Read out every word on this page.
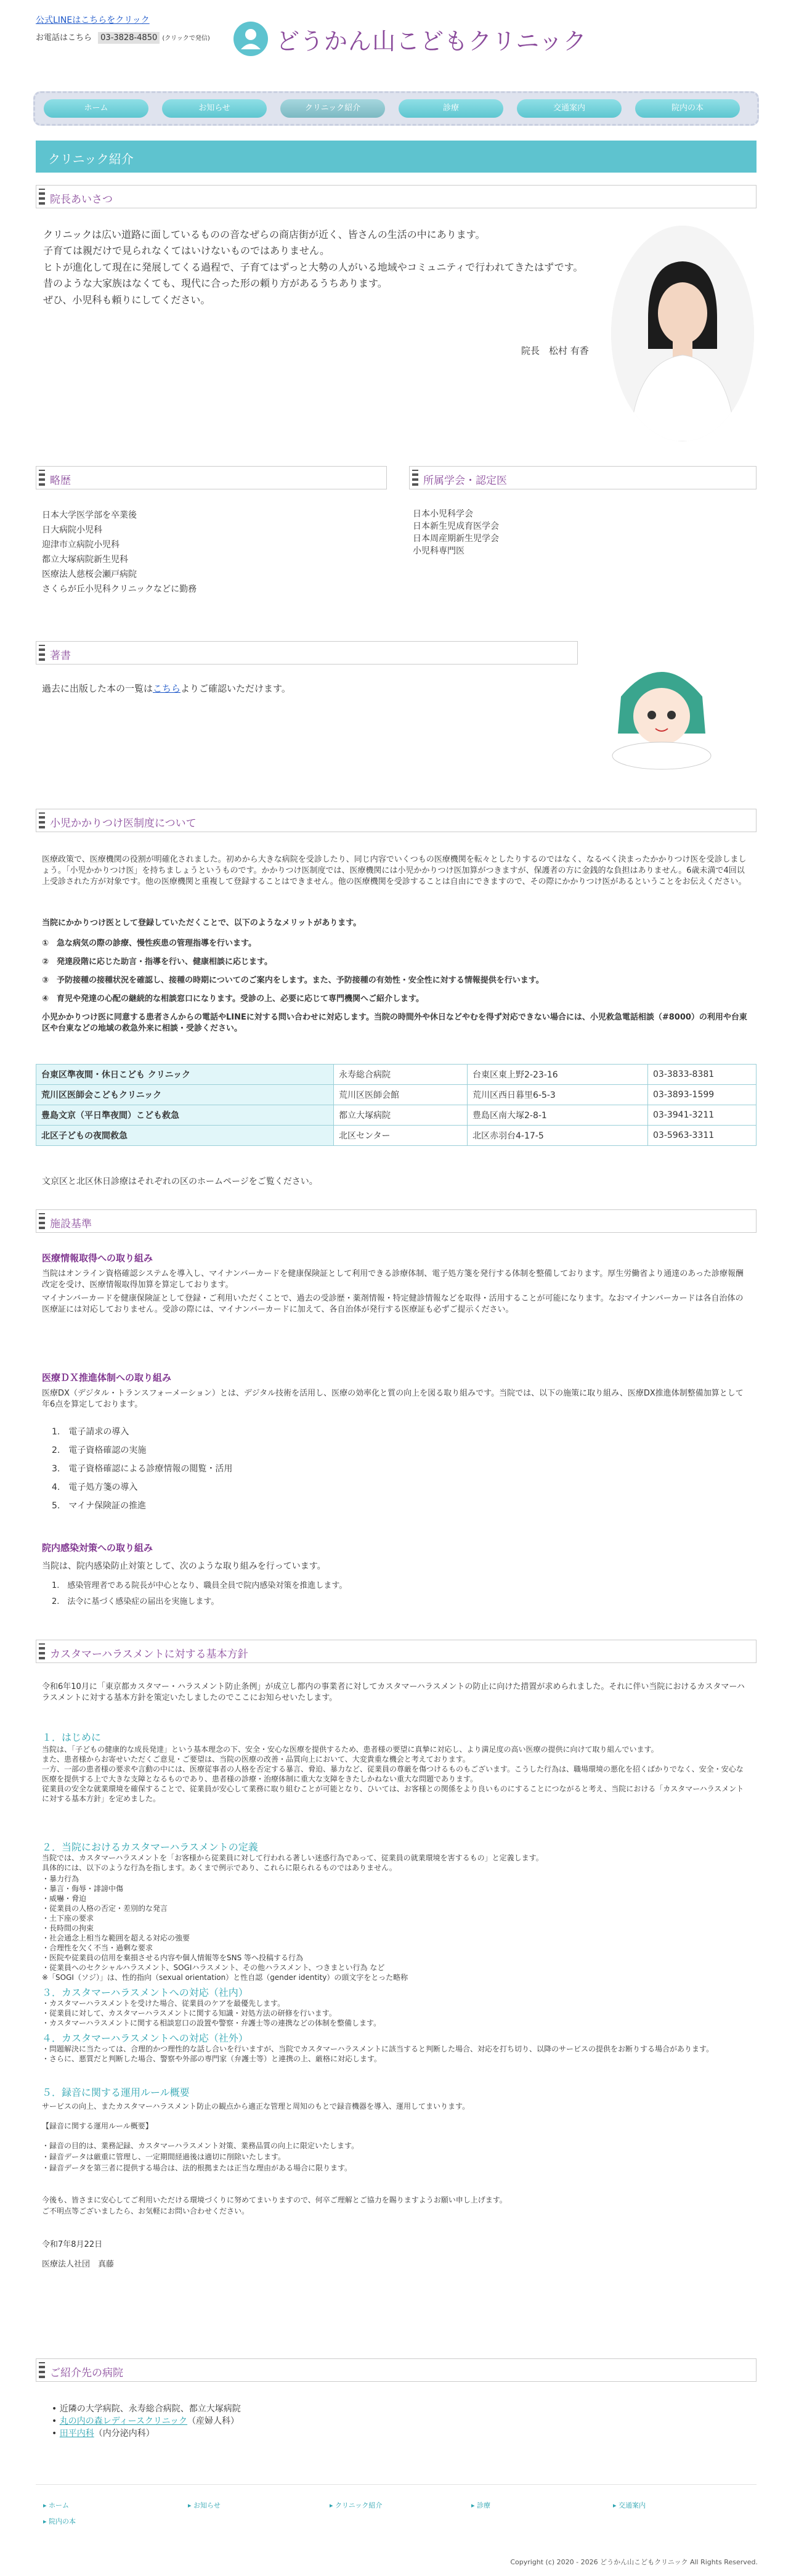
公式LINEはこちらをクリック
お電話はこちら 03-3828-4850 (クリックで発信)	どうかん山こどもクリニック
ホーム	お知らせ	クリニック紹介	診療	交通案内	院内の本
クリニック紹介
院長あいさつ
クリニックは広い道路に面しているものの音なぜらの商店街が近く、皆さんの生活の中にあります。
子育ては親だけで見られなくてはいけないものではありません。
ヒトが進化して現在に発展してくる過程で、子育てはずっと大勢の人がいる地域やコミュニティで行われてきたはずです。
昔のような大家族はなくても、現代に合った形の頼り方があるうちあります。
ぜひ、小児科も頼りにしてください。
院長　松村 有香
略歴	所属学会・認定医
日本大学医学部を卒業後
日大病院小児科
迎津市立病院小児科
都立大塚病院新生児科
医療法人慈桜会瀬戸病院
さくらが丘小児科クリニックなどに勤務
日本小児科学会
日本新生児成育医学会
日本周産期新生児学会
小児科専門医
著書
過去に出版した本の一覧はこちらよりご確認いただけます。
小児かかりつけ医制度について
医療政策で、医療機関の役割が明確化されました。初めから大きな病院を受診したり、同じ内容でいくつもの医療機関を転々としたりするのではなく、なるべく決まったかかりつけ医を受診しましょう。「小児かかりつけ医」を持ちましょうというものです。かかりつけ医制度では、医療機関には小児かかりつけ医加算がつきますが、保護者の方に金銭的な負担はありません。6歳未満で4回以上受診された方が対象です。他の医療機関と重複して登録することはできません。他の医療機関を受診することは自由にできますので、その際にかかりつけ医があるということをお伝えください。
当院にかかりつけ医として登録していただくことで、以下のようなメリットがあります。
①　急な病気の際の診療、慢性疾患の管理指導を行います。
②　発達段階に応じた助言・指導を行い、健康相談に応じます。
③　予防接種の接種状況を確認し、接種の時期についてのご案内をします。また、予防接種の有効性・安全性に対する情報提供を行います。
④　育児や発達の心配の継続的な相談窓口になります。受診の上、必要に応じて専門機関へご紹介します。
小児かかりつけ医に同意する患者さんからの電話やLINEに対する問い合わせに対応します。当院の時間外や休日などやむを得ず対応できない場合には、小児救急電話相談（#8000）の利用や台東区や台東などの地域の救急外来に相談・受診ください。
台東区準夜間・休日こども クリニック	永寿総合病院	台東区東上野2-23-16	03-3833-8381
荒川区医師会こどもクリニック	荒川区医師会館	荒川区西日暮里6-5-3	03-3893-1599
豊島文京（平日準夜間）こども救急	都立大塚病院	豊島区南大塚2-8-1	03-3941-3211
北区子どもの夜間救急	北区センター	北区赤羽台4-17-5	03-5963-3311
文京区と北区休日診療はそれぞれの区のホームページをご覧ください。
施設基準
医療情報取得への取り組み
当院はオンライン資格確認システムを導入し、マイナンバーカードを健康保険証として利用できる診療体制、電子処方箋を発行する体制を整備しております。厚生労働省より通達のあった診療報酬改定を受け、医療情報取得加算を算定しております。
マイナンバーカードを健康保険証として登録・ご利用いただくことで、過去の受診歴・薬剤情報・特定健診情報などを取得・活用することが可能になります。なおマイナンバーカードは各自治体の医療証には対応しておりません。受診の際には、マイナンバーカードに加えて、各自治体が発行する医療証も必ずご提示ください。
医療ＤＸ推進体制への取り組み
医療DX（デジタル・トランスフォーメーション）とは、デジタル技術を活用し、医療の効率化と質の向上を図る取り組みです。当院では、以下の施策に取り組み、医療DX推進体制整備加算として年6点を算定しております。
1.　電子請求の導入
2.　電子資格確認の実施
3.　電子資格確認による診療情報の閲覧・活用
4.　電子処方箋の導入
5.　マイナ保険証の推進
院内感染対策への取り組み
当院は、院内感染防止対策として、次のような取り組みを行っています。
1.　感染管理者である院長が中心となり、職員全員で院内感染対策を推進します。
2.　法令に基づく感染症の届出を実施します。
カスタマーハラスメントに対する基本方針
令和6年10月に「東京都カスタマー・ハラスメント防止条例」が成立し都内の事業者に対してカスタマーハラスメントの防止に向けた措置が求められました。それに伴い当院におけるカスタマーハラスメントに対する基本方針を策定いたしましたのでここにお知らせいたします。
１．はじめに
当院は、「子どもの健康的な成長発達」という基本理念の下、安全・安心な医療を提供するため、患者様の要望に真摯に対応し、より満足度の高い医療の提供に向けて取り組んでいます。
また、患者様からお寄せいただくご意見・ご要望は、当院の医療の改善・品質向上において、大変貴重な機会と考えております。
一方、一部の患者様の要求や言動の中には、医療従事者の人格を否定する暴言、脅迫、暴力など、従業員の尊厳を傷つけるものもございます。こうした行為は、職場環境の悪化を招くばかりでなく、安全・安心な医療を提供する上で大きな支障となるものであり、患者様の診療・治療体制に重大な支障をきたしかねない重大な問題であります。
従業員の安全な就業環境を確保することで、従業員が安心して業務に取り組むことが可能となり、ひいては、お客様との関係をより良いものにすることにつながると考え、当院における「カスタマーハラスメントに対する基本方針」を定めました。
２．当院におけるカスタマーハラスメントの定義
当院では、カスタマーハラスメントを「お客様から従業員に対して行われる著しい迷惑行為であって、従業員の就業環境を害するもの」と定義します。
具体的には、以下のような行為を指します。あくまで例示であり、これらに限られるものではありません。
・暴力行為
・暴言・侮辱・誹謗中傷
・威嚇・脅迫
・従業員の人格の否定・差別的な発言
・土下座の要求
・長時間の拘束
・社会通念上相当な範囲を超える対応の強要
・合理性を欠く不当・過剰な要求
・医院や従業員の信用を棄損させる内容や個人情報等をSNS 等へ投稿する行為
・従業員へのセクシャルハラスメント、SOGIハラスメント、その他ハラスメント、つきまとい行為 など
※「SOGI（ソジ）」は、性的指向（sexual orientation）と性自認（gender identity）の頭文字をとった略称
３．カスタマーハラスメントへの対応（社内）
・カスタマーハラスメントを受けた場合、従業員のケアを最優先します。
・従業員に対して、カスタマーハラスメントに関する知識・対処方法の研修を行います。
・カスタマーハラスメントに関する相談窓口の設置や警察・弁護士等の連携などの体制を整備します。
４．カスタマーハラスメントへの対応（社外）
・問題解決に当たっては、合理的かつ理性的な話し合いを行いますが、当院でカスタマーハラスメントに該当すると判断した場合、対応を打ち切り、以降のサービスの提供をお断りする場合があります。
・さらに、悪質だと判断した場合、警察や外部の専門家（弁護士等）と連携の上、厳格に対応します。
５．録音に関する運用ルール概要
サービスの向上、またカスタマーハラスメント防止の観点から適正な管理と周知のもとで録音機器を導入、運用してまいります。
【録音に関する運用ルール概要】
・録音の目的は、業務記録、カスタマーハラスメント対策、業務品質の向上に限定いたします。
・録音データは厳重に管理し、一定期間経過後は適切に削除いたします。
・録音データを第三者に提供する場合は、法的根拠または正当な理由がある場合に限ります。
今後も、皆さまに安心してご利用いただける環境づくりに努めてまいりますので、何卒ご理解とご協力を賜りますようお願い申し上げます。
ご不明点等ございましたら、お気軽にお問い合わせください。
令和7年8月22日
医療法人社団　真藤
ご紹介先の病院
• 近隣の大学病院、永寿総合病院、都立大塚病院
• 丸の内の森レディースクリニック（産婦人科）
• 田平内科（内分泌内科）
▸ ホーム	▸ お知らせ	▸ クリニック紹介	▸ 診療	▸ 交通案内
▸ 院内の本
Copyright (c) 2020 - 2026 どうかん山こどもクリニック All Rights Reserved.
